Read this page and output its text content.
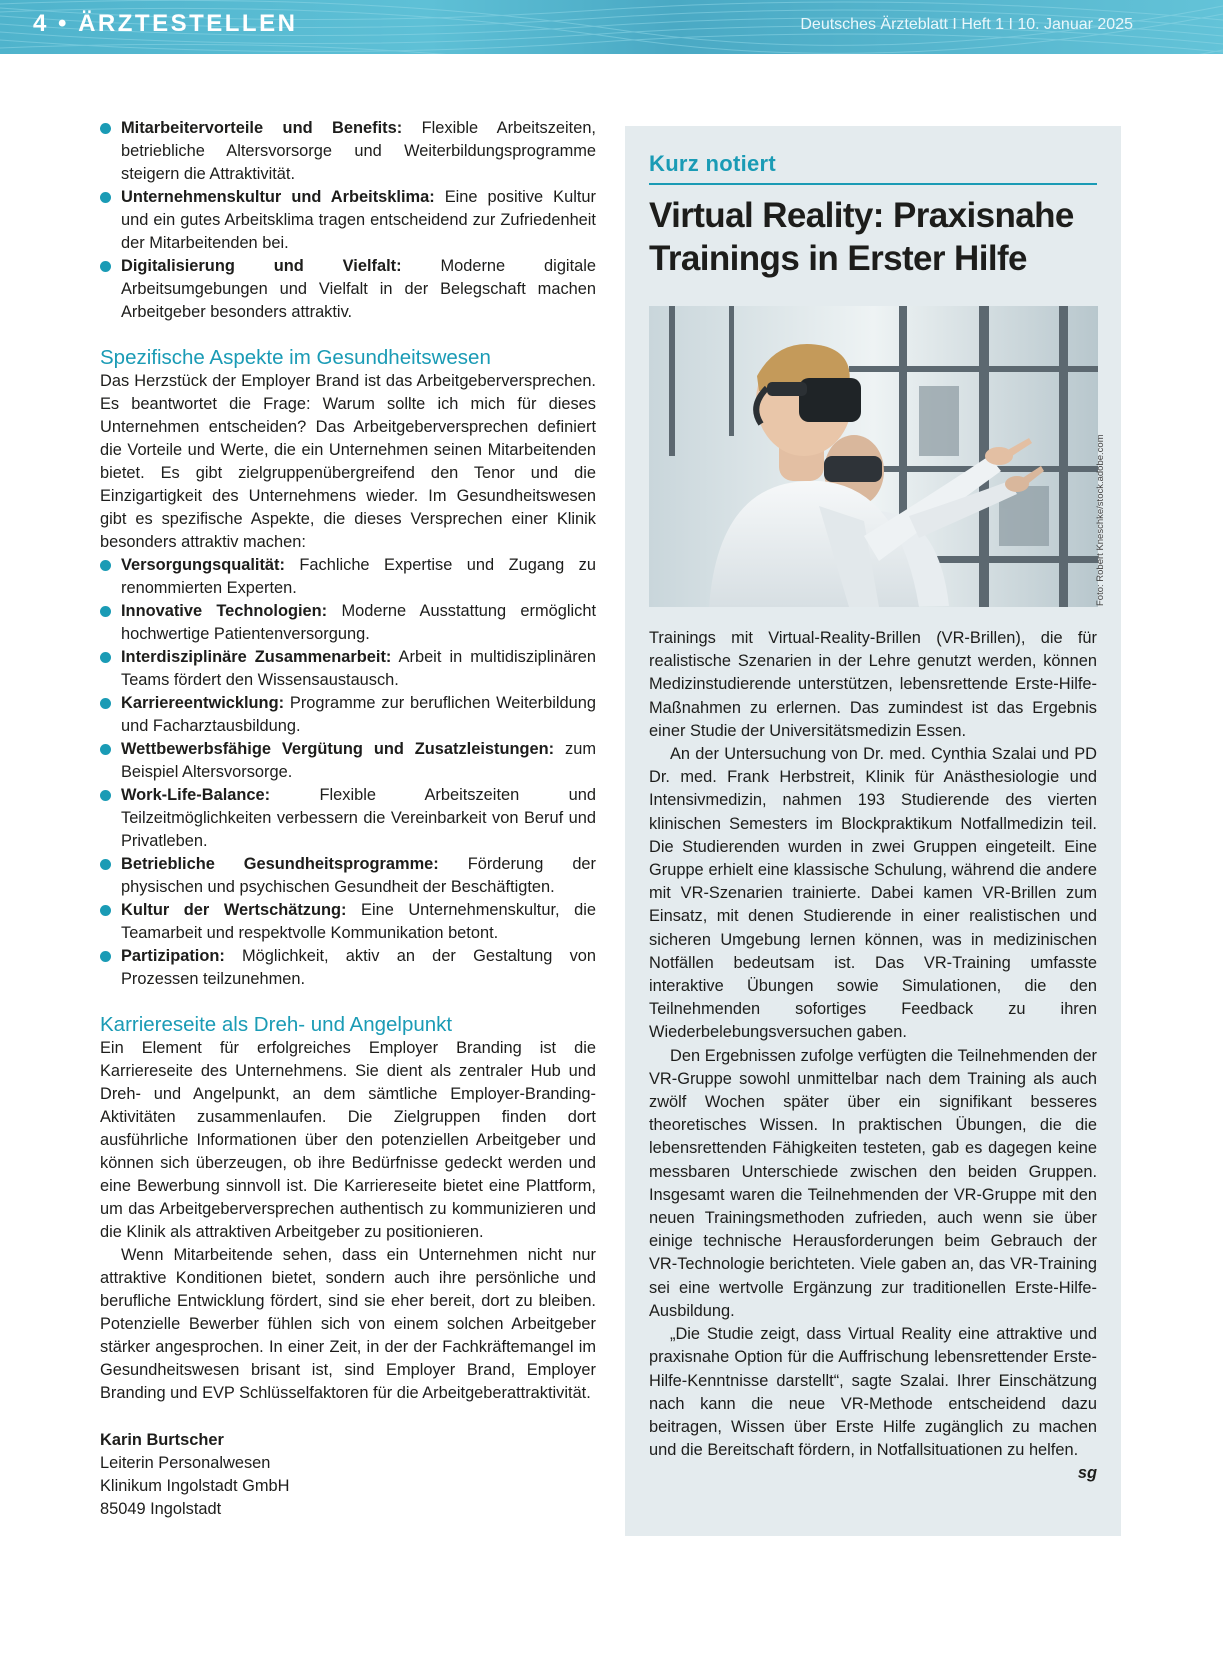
4 • ÄRZTESTELLEN	Deutsches Ärzteblatt I Heft 1 I 10. Januar 2025
Mitarbeitervorteile und Benefits: Flexible Arbeitszeiten, betriebliche Altersvorsorge und Weiterbildungsprogramme steigern die Attraktivität.
Unternehmenskultur und Arbeitsklima: Eine positive Kultur und ein gutes Arbeitsklima tragen entscheidend zur Zufriedenheit der Mitarbeitenden bei.
Digitalisierung und Vielfalt: Moderne digitale Arbeitsumgebungen und Vielfalt in der Belegschaft machen Arbeitgeber besonders attraktiv.
Spezifische Aspekte im Gesundheitswesen

Das Herzstück der Employer Brand ist das Arbeitgeberversprechen. Es beantwortet die Frage: Warum sollte ich mich für dieses Unternehmen entscheiden? Das Arbeitgeberversprechen definiert die Vorteile und Werte, die ein Unternehmen seinen Mitarbeitenden bietet. Es gibt zielgruppenübergreifend den Tenor und die Einzigartigkeit des Unternehmens wieder. Im Gesundheitswesen gibt es spezifische Aspekte, die dieses Versprechen einer Klinik besonders attraktiv machen:

Versorgungsqualität: Fachliche Expertise und Zugang zu renommierten Experten.
Innovative Technologien: Moderne Ausstattung ermöglicht hochwertige Patientenversorgung.
Interdisziplinäre Zusammenarbeit: Arbeit in multidisziplinären Teams fördert den Wissensaustausch.
Karriereentwicklung: Programme zur beruflichen Weiterbildung und Facharztausbildung.
Wettbewerbsfähige Vergütung und Zusatzleistungen: zum Beispiel Altersvorsorge.
Work-Life-Balance: Flexible Arbeitszeiten und Teilzeitmöglichkeiten verbessern die Vereinbarkeit von Beruf und Privatleben.
Betriebliche Gesundheitsprogramme: Förderung der physischen und psychischen Gesundheit der Beschäftigten.
Kultur der Wertschätzung: Eine Unternehmenskultur, die Teamarbeit und respektvolle Kommunikation betont.
Partizipation: Möglichkeit, aktiv an der Gestaltung von Prozessen teilzunehmen.
Karriereseite als Dreh- und Angelpunkt

Ein Element für erfolgreiches Employer Branding ist die Karriereseite des Unternehmens. Sie dient als zentraler Hub und Dreh- und Angelpunkt, an dem sämtliche Employer-Branding-Aktivitäten zusammenlaufen. Die Zielgruppen finden dort ausführliche Informationen über den potenziellen Arbeitgeber und können sich überzeugen, ob ihre Bedürfnisse gedeckt werden und eine Bewerbung sinnvoll ist. Die Karriereseite bietet eine Plattform, um das Arbeitgeberversprechen authentisch zu kommunizieren und die Klinik als attraktiven Arbeitgeber zu positionieren.

Wenn Mitarbeitende sehen, dass ein Unternehmen nicht nur attraktive Konditionen bietet, sondern auch ihre persönliche und berufliche Entwicklung fördert, sind sie eher bereit, dort zu bleiben. Potenzielle Bewerber fühlen sich von einem solchen Arbeitgeber stärker angesprochen. In einer Zeit, in der der Fachkräftemangel im Gesundheitswesen brisant ist, sind Employer Brand, Employer Branding und EVP Schlüsselfaktoren für die Arbeitgeberattraktivität.

Karin Burtscher
Leiterin Personalwesen
Klinikum Ingolstadt GmbH
85049 Ingolstadt
Kurz notiert
Virtual Reality: Praxisnahe Trainings in Erster Hilfe
Foto: Robert Kneschke/stock.adobe.com

Trainings mit Virtual-Reality-Brillen (VR-Brillen), die für realistische Szenarien in der Lehre genutzt werden, können Medizinstudierende unterstützen, lebensrettende Erste-Hilfe-Maßnahmen zu erlernen. Das zumindest ist das Ergebnis einer Studie der Universitätsmedizin Essen.

An der Untersuchung von Dr. med. Cynthia Szalai und PD Dr. med. Frank Herbstreit, Klinik für Anästhesiologie und Intensivmedizin, nahmen 193 Studierende des vierten klinischen Semesters im Blockpraktikum Notfallmedizin teil. Die Studierenden wurden in zwei Gruppen eingeteilt. Eine Gruppe erhielt eine klassische Schulung, während die andere mit VR-Szenarien trainierte. Dabei kamen VR-Brillen zum Einsatz, mit denen Studierende in einer realistischen und sicheren Umgebung lernen können, was in medizinischen Notfällen bedeutsam ist. Das VR-Training umfasste interaktive Übungen sowie Simulationen, die den Teilnehmenden sofortiges Feedback zu ihren Wiederbelebungsversuchen gaben.

Den Ergebnissen zufolge verfügten die Teilnehmenden der VR-Gruppe sowohl unmittelbar nach dem Training als auch zwölf Wochen später über ein signifikant besseres theoretisches Wissen. In praktischen Übungen, die die lebensrettenden Fähigkeiten testeten, gab es dagegen keine messbaren Unterschiede zwischen den beiden Gruppen. Insgesamt waren die Teilnehmenden der VR-Gruppe mit den neuen Trainingsmethoden zufrieden, auch wenn sie über einige technische Herausforderungen beim Gebrauch der VR-Technologie berichteten. Viele gaben an, das VR-Training sei eine wertvolle Ergänzung zur traditionellen Erste-Hilfe-Ausbildung.

„Die Studie zeigt, dass Virtual Reality eine attraktive und praxisnahe Option für die Auffrischung lebensrettender Erste-Hilfe-Kenntnisse darstellt“, sagte Szalai. Ihrer Einschätzung nach kann die neue VR-Methode entscheidend dazu beitragen, Wissen über Erste Hilfe zugänglich zu machen und die Bereitschaft fördern, in Notfallsituationen zu helfen.
sg
